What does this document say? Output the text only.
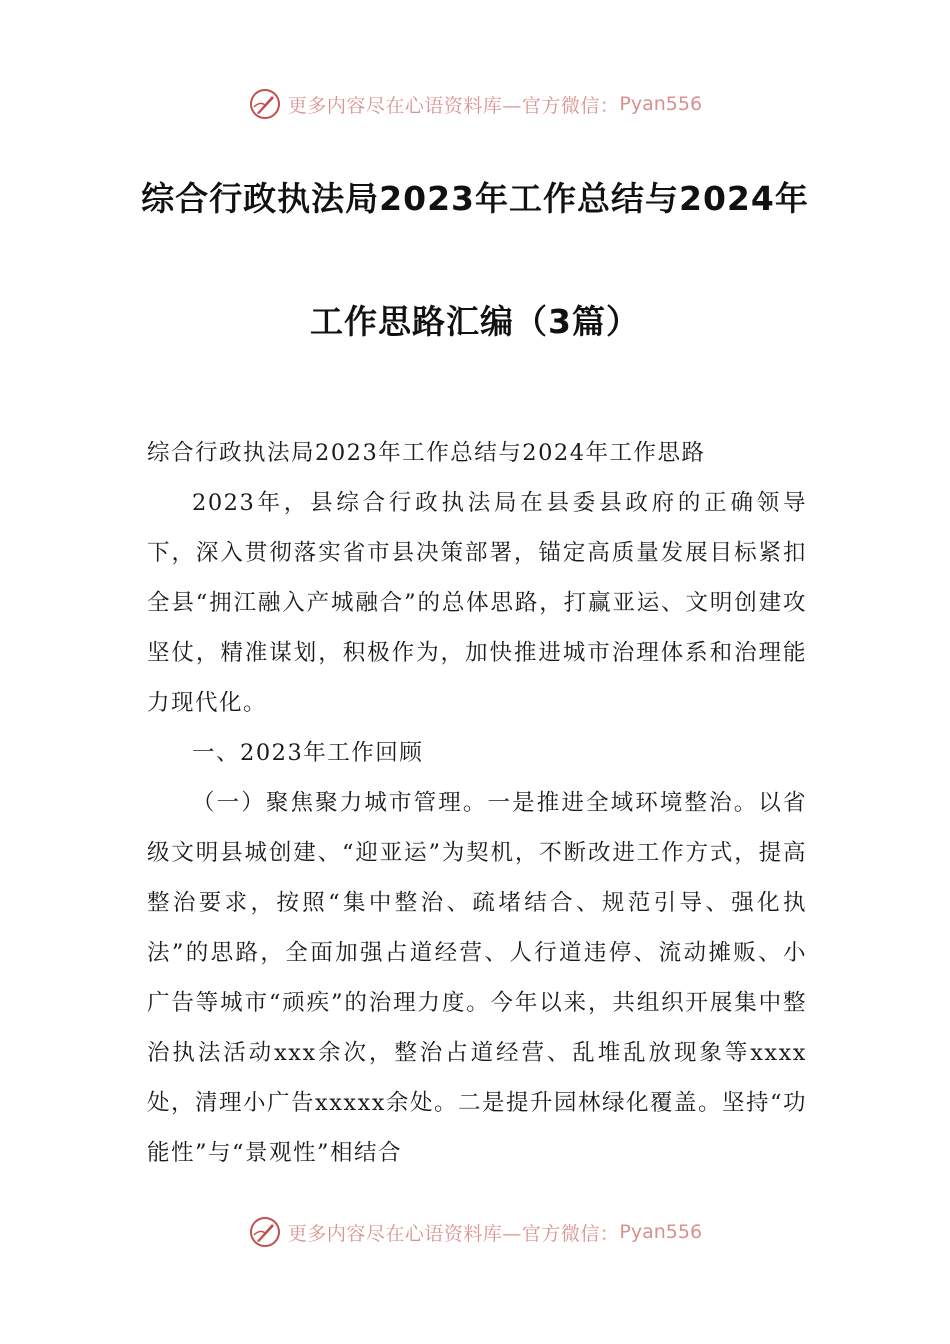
更多内容尽在心语资料库—官方微信： Pyan556
综合行政执法局2023年工作总结与2024年
工作思路汇编（3篇）

综合行政执法局2023年工作总结与2024年工作思路

2023年，县综合行政执法局在县委县政府的正确领导下，深入贯彻落实省市县决策部署，锚定高质量发展目标紧扣全县“拥江融入产城融合”的总体思路，打赢亚运、文明创建攻坚仗，精准谋划，积极作为，加快推进城市治理体系和治理能力现代化。

一、2023年工作回顾

（一）聚焦聚力城市管理。一是推进全域环境整治。以省级文明县城创建、“迎亚运”为契机，不断改进工作方式，提高整治要求，按照“集中整治、疏堵结合、规范引导、强化执法”的思路，全面加强占道经营、人行道违停、流动摊贩、小广告等城市“顽疾”的治理力度。今年以来，共组织开展集中整治执法活动xxx余次，整治占道经营、乱堆乱放现象等xxxx处，清理小广告xxxxx余处。二是提升园林绿化覆盖。坚持“功能性”与“景观性”相结合

更多内容尽在心语资料库—官方微信： Pyan556
